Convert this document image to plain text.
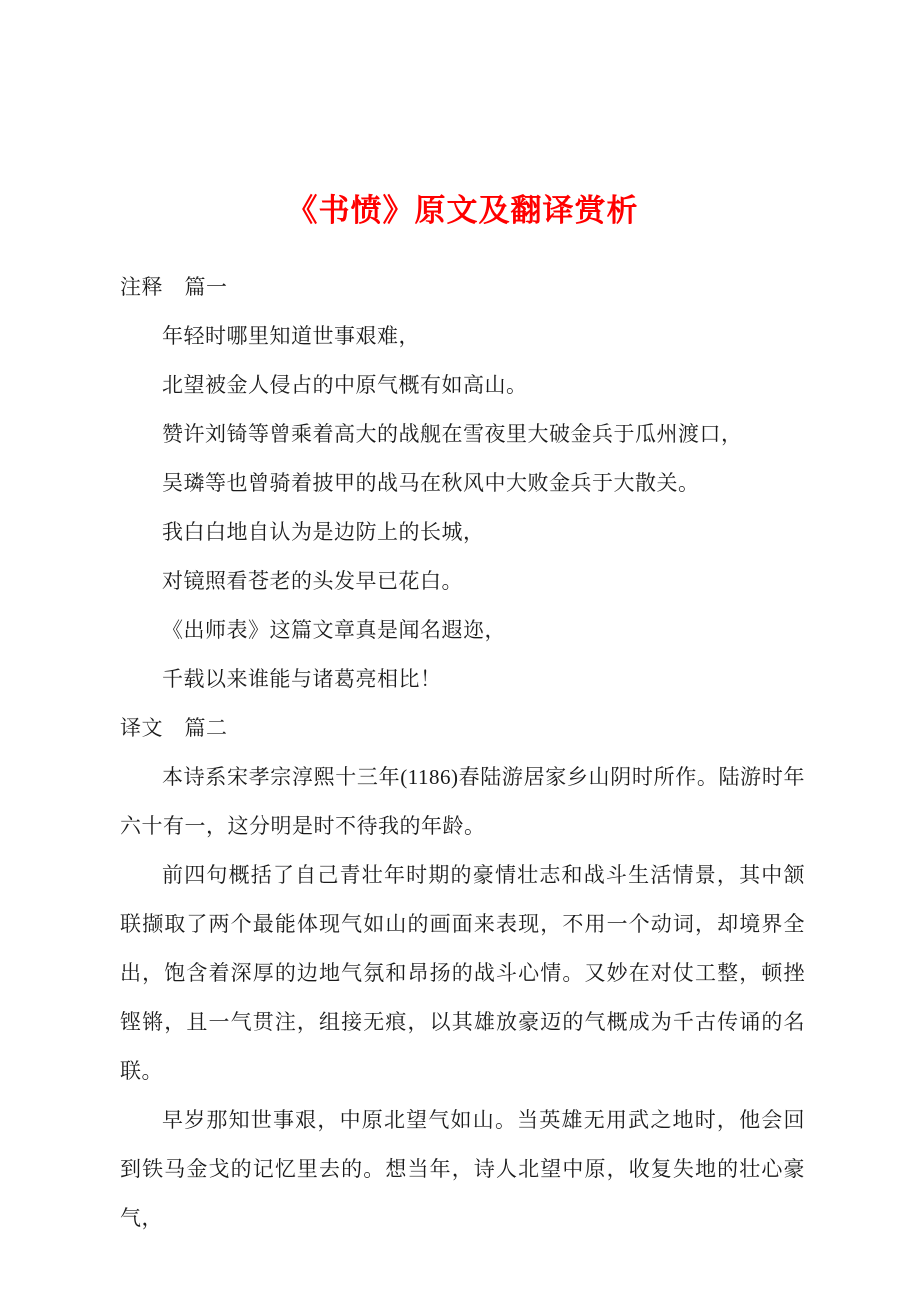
《书愤》原文及翻译赏析

注释　篇一

年轻时哪里知道世事艰难，

北望被金人侵占的中原气概有如高山。

赞许刘锜等曾乘着高大的战舰在雪夜里大破金兵于瓜州渡口，

吴璘等也曾骑着披甲的战马在秋风中大败金兵于大散关。

我白白地自认为是边防上的长城，

对镜照看苍老的头发早已花白。

《出师表》这篇文章真是闻名遐迩，

千载以来谁能与诸葛亮相比！

译文　篇二

本诗系宋孝宗淳熙十三年(1186)春陆游居家乡山阴时所作。陆游时年六十有一，这分明是时不待我的年龄。

前四句概括了自己青壮年时期的豪情壮志和战斗生活情景，其中颔联撷取了两个最能体现气如山的画面来表现，不用一个动词，却境界全出，饱含着深厚的边地气氛和昂扬的战斗心情。又妙在对仗工整，顿挫铿锵，且一气贯注，组接无痕，以其雄放豪迈的气概成为千古传诵的名联。

早岁那知世事艰，中原北望气如山。当英雄无用武之地时，他会回到铁马金戈的记忆里去的。想当年，诗人北望中原，收复失地的壮心豪气，
